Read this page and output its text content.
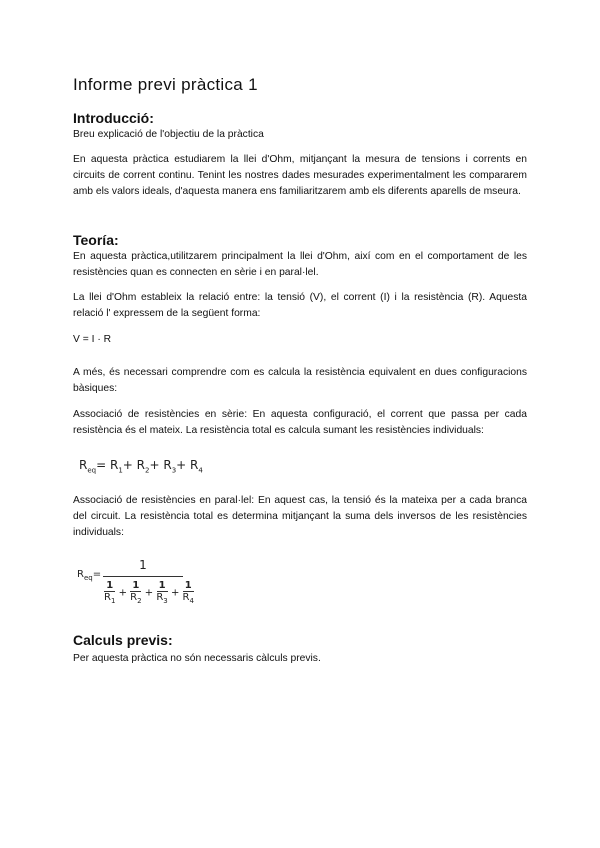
Informe previ pràctica 1
Introducció:
Breu explicació de l'objectiu de la pràctica
En aquesta pràctica estudiarem la llei d'Ohm, mitjançant la mesura de tensions i corrents en circuits de corrent continu. Tenint les nostres dades mesurades experimentalment les compararem amb els valors ideals, d'aquesta manera ens familiaritzarem amb els diferents aparells de mseura.
Teoría:
En aquesta pràctica,utilitzarem principalment la llei d'Ohm, així com en el comportament de les resistències quan es connecten en sèrie i en paral·lel.
La llei d'Ohm estableix la relació entre: la tensió (V), el corrent (I) i la resistència (R). Aquesta relació l' expressem de la següent forma:
V = I · R
A més, és necessari comprendre com es calcula la resistència equivalent en dues configuracions bàsiques:
Associació de resistències en sèrie: En aquesta configuració, el corrent que passa per cada resistència és el mateix. La resistència total es calcula sumant les resistències individuals:
$R_{eq}= R_1+ R_2+ R_3+ R_4$
Associació de resistències en paral·lel: En aquest cas, la tensió és la mateixa per a cada branca del circuit. La resistència total es determina mitjançant la suma dels inversos de les resistències individuals:
$R_{eq}=$
1
$\frac{1}{R_1} + \frac{1}{R_2} + \frac{1}{R_3} + \frac{1}{R_4}$
Calculs previs:
Per aquesta pràctica no són necessaris càlculs previs.
